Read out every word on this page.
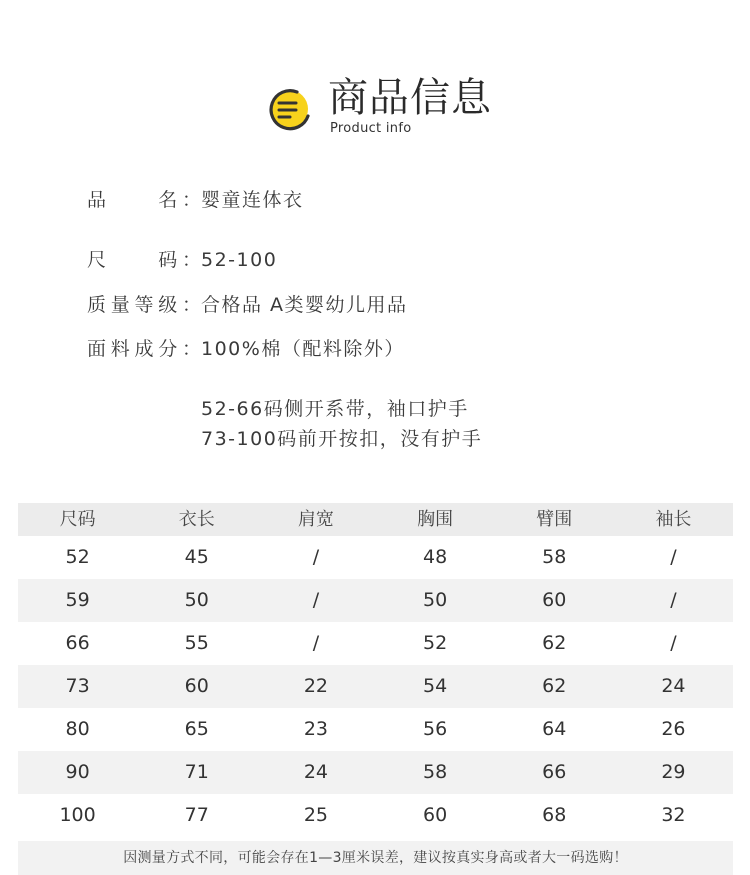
商品信息
Product info
品　　名： 婴童连体衣
尺　　码： 52-100
质量等级： 合格品 A类婴幼儿用品
面料成分： 100%棉（配料除外）
52-66码侧开系带，袖口护手
73-100码前开按扣，没有护手
尺码	衣长	肩宽	胸围	臂围	袖长
52	45	/	48	58	/
59	50	/	50	60	/
66	55	/	52	62	/
73	60	22	54	62	24
80	65	23	56	64	26
90	71	24	58	66	29
100	77	25	60	68	32
因测量方式不同，可能会存在1—3厘米误差，建议按真实身高或者大一码选购！
